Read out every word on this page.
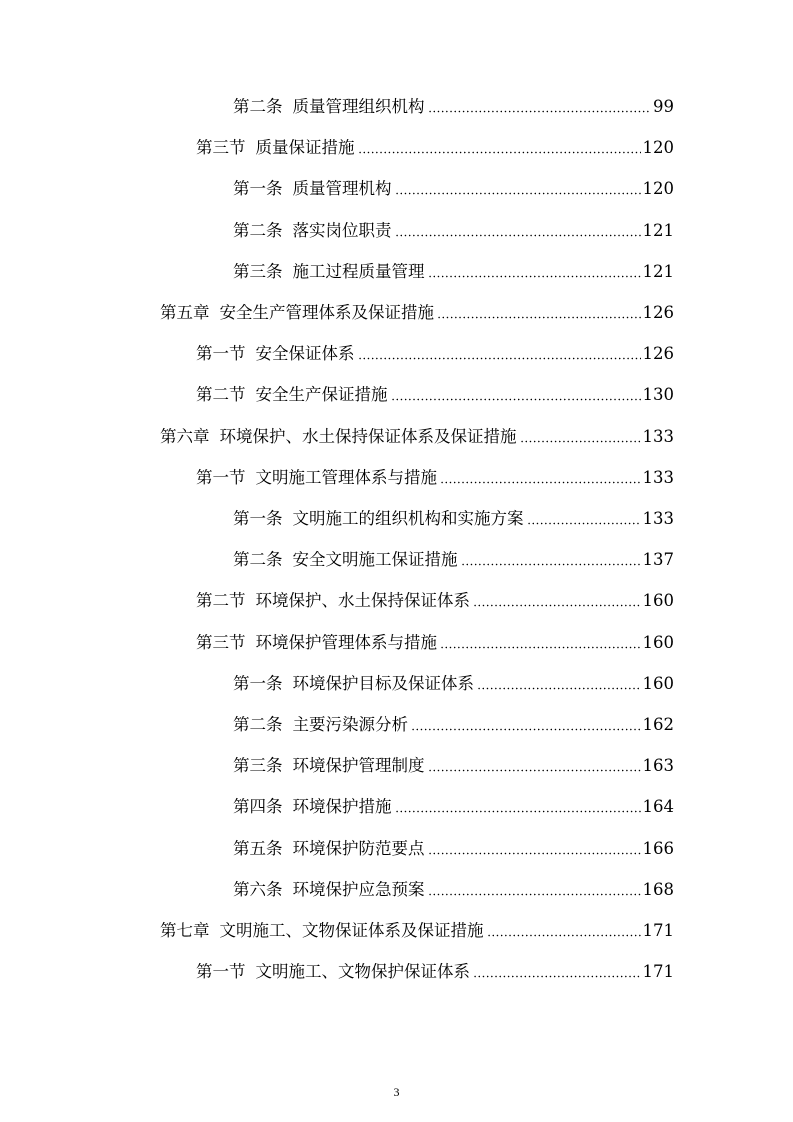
第二条 质量管理组织机构	99
第三节 质量保证措施	120
第一条 质量管理机构	120
第二条 落实岗位职责	121
第三条 施工过程质量管理	121
第五章 安全生产管理体系及保证措施	126
第一节 安全保证体系	126
第二节 安全生产保证措施	130
第六章 环境保护、水土保持保证体系及保证措施	133
第一节 文明施工管理体系与措施	133
第一条 文明施工的组织机构和实施方案	133
第二条 安全文明施工保证措施	137
第二节 环境保护、水土保持保证体系	160
第三节 环境保护管理体系与措施	160
第一条 环境保护目标及保证体系	160
第二条 主要污染源分析	162
第三条 环境保护管理制度	163
第四条 环境保护措施	164
第五条 环境保护防范要点	166
第六条 环境保护应急预案	168
第七章 文明施工、文物保证体系及保证措施	171
第一节 文明施工、文物保护保证体系	171
3
